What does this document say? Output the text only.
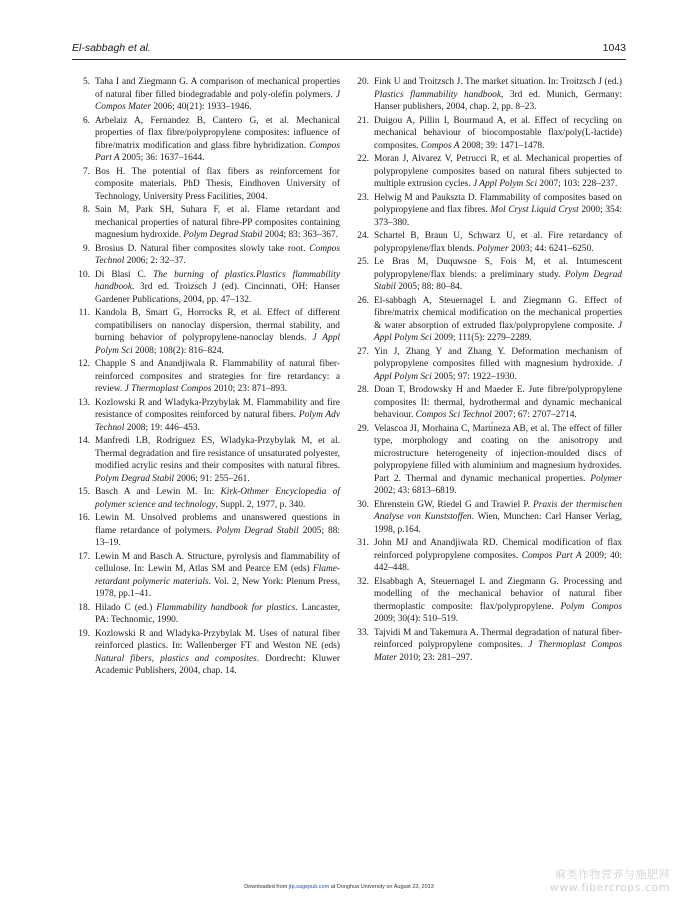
El-sabbagh et al.	1043
5 . Taha I and Ziegmann G. A comparison of mechanical properties of natural fiber filled biodegradable and poly-olefin polymers. J Compos Mater 2006; 40(21): 1933–1946.
6 . Arbelaiz A, Fernandez B, Cantero G, et al. Mechanical properties of flax fibre/polypropylene composites: influence of fibre/matrix modification and glass fibre hybridization. Compos Part A 2005; 36: 1637–1644.
7 . Bos H. The potential of flax fibers as reinforcement for composite materials. PhD Thesis, Eindhoven University of Technology, University Press Facilities, 2004.
8 . Sain M, Park SH, Suhara F, et al. Flame retardant and mechanical properties of natural fibre-PP composites containing magnesium hydroxide. Polym Degrad Stabil 2004; 83: 363–367.
9 . Brosius D. Natural fiber composites slowly take root. Compos Technol 2006; 2: 32–37.
10 . Di Blasi C. The burning of plastics.Plastics flammability handbook. 3rd ed. Troizsch J (ed). Cincinnati, OH: Hanser Gardener Publications, 2004, pp. 47–132.
11 . Kandola B, Smart G, Horrocks R, et al. Effect of different compatibilisers on nanoclay dispersion, thermal stability, and burning behavior of polypropylene-nanoclay blends. J Appl Polym Sci 2008; 108(2): 816–824.
12 . Chapple S and Anandjiwala R. Flammability of natural fiber-reinforced composites and strategies for fire retardancy: a review. J Thermoplast Compos 2010; 23: 871–893.
13 . Kozlowski R and Wladyka-Przybylak M. Flammability and fire resistance of composites reinforced by natural fibers. Polym Adv Technol 2008; 19: 446–453.
14 . Manfredi LB, Rodriguez ES, Wladyka-Przybylak M, et al. Thermal degradation and fire resistance of unsaturated polyester, modified acrylic resins and their composites with natural fibres. Polym Degrad Stabil 2006; 91: 255–261.
15 . Basch A and Lewin M. In: Kirk-Othmer Encyclopedia of polymer science and technology, Suppl. 2, 1977, p. 340.
16 . Lewin M. Unsolved problems and unanswered questions in flame retardance of polymers. Polym Degrad Stabil 2005; 88: 13–19.
17 . Lewin M and Basch A. Structure, pyrolysis and flammability of cellulose. In: Lewin M, Atlas SM and Pearce EM (eds) Flame-retardant polymeric materials. Vol. 2, New York: Plenum Press, 1978, pp.1–41.
18 . Hilado C (ed.) Flammability handbook for plastics. Lancaster, PA: Technomic, 1990.
19 . Kozlowski R and Wladyka-Przybylak M. Uses of natural fiber reinforced plastics. In: Wallenberger FT and Weston NE (eds) Natural fibers, plastics and composites. Dordrecht: Kluwer Academic Publishers, 2004, chap. 14.
20 . Fink U and Troitzsch J. The market situation. In: Troitzsch J (ed.) Plastics flammability handbook, 3rd ed. Munich, Germany: Hanser publishers, 2004, chap. 2, pp. 8–23.
21 . Duigou A, Pillin I, Bourmaud A, et al. Effect of recycling on mechanical behaviour of biocompostable flax/poly(L-lactide) composites. Compos A 2008; 39: 1471–1478.
22 . Moran J, Alvarez V, Petrucci R, et al. Mechanical properties of polypropylene composites based on natural fibers subjected to multiple extrusion cycles. J Appl Polym Sci 2007; 103: 228–237.
23 . Helwig M and Paukszta D. Flammability of composites based on polypropylene and flax fibres. Mol Cryst Liquid Cryst 2000; 354: 373–380.
24 . Schartel B, Braun U, Schwarz U, et al. Fire retardancy of polypropylene/flax blends. Polymer 2003; 44: 6241–6250.
25 . Le Bras M, Duquwsne S, Fois M, et al. Intumescent polypropylene/flax blends: a preliminary study. Polym Degrad Stabil 2005; 88: 80–84.
26 . El-sabbagh A, Steuernagel L and Ziegmann G. Effect of fibre/matrix chemical modification on the mechanical properties & water absorption of extruded flax/polypropylene composite. J Appl Polym Sci 2009; 111(5): 2279–2289.
27 . Yin J, Zhang Y and Zhang Y. Deformation mechanism of polypropylene composites filled with magnesium hydroxide. J Appl Polym Sci 2005; 97: 1922–1930.
28 . Doan T, Brodowsky H and Maeder E. Jute fibre/polypropylene composites II: thermal, hydrothermal and dynamic mechanical behaviour. Compos Sci Technol 2007; 67: 2707–2714.
29 . Velascoa JI, Morhaina C, Martı́neza AB, et al. The effect of filler type, morphology and coating on the anisotropy and microstructure heterogeneity of injection-moulded discs of polypropylene filled with aluminium and magnesium hydroxides. Part 2. Thermal and dynamic mechanical properties. Polymer 2002; 43: 6813–6819.
30 . Ehrenstein GW, Riedel G and Trawiel P. Praxis der thermischen Analyse von Kunststoffen. Wien, Munchen: Carl Hanser Verlag, 1998, p.164.
31 . John MJ and Anandjiwala RD. Chemical modification of flax reinforced polypropylene composites. Compos Part A 2009; 40: 442–448.
32 . Elsabbagh A, Steuernagel L and Ziegmann G. Processing and modelling of the mechanical behavior of natural fiber thermoplastic composite: flax/polypropylene. Polym Compos 2009; 30(4): 510–519.
33 . Tajvidi M and Takemura A. Thermal degradation of natural fiber-reinforced polypropylene composites. J Thermoplast Compos Mater 2010; 23: 281–297.
Downloaded from jtp.sagepub.com at Donghua University on August 23, 2013
麻类作物营养与施肥网
www.fibercrops.com
